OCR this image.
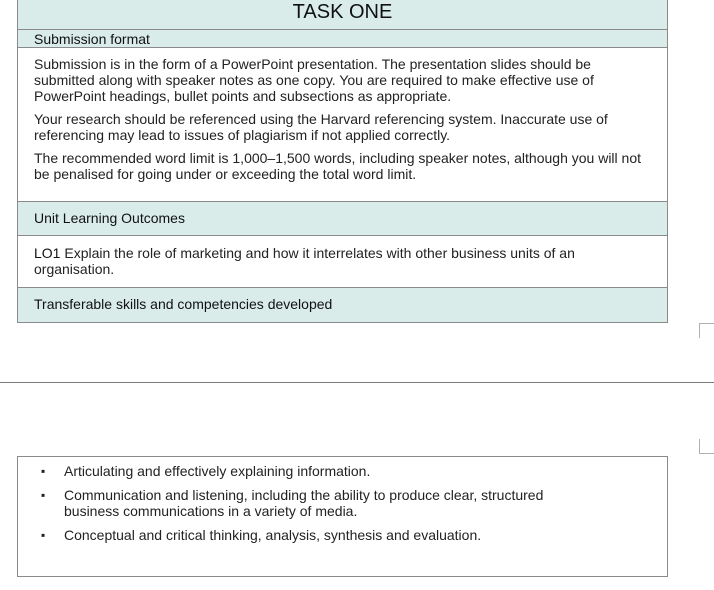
TASK ONE
Submission format

Submission is in the form of a PowerPoint presentation. The presentation slides should be submitted along with speaker notes as one copy. You are required to make effective use of PowerPoint headings, bullet points and subsections as appropriate.

Your research should be referenced using the Harvard referencing system. Inaccurate use of referencing may lead to issues of plagiarism if not applied correctly.

The recommended word limit is 1,000–1,500 words, including speaker notes, although you will not be penalised for going under or exceeding the total word limit.

Unit Learning Outcomes
LO1 Explain the role of marketing and how it interrelates with other business units of an organisation.
Transferable skills and competencies developed
▪ Articulating and effectively explaining information.
▪ Communication and listening, including the ability to produce clear, structured business communications in a variety of media.
▪ Conceptual and critical thinking, analysis, synthesis and evaluation.
